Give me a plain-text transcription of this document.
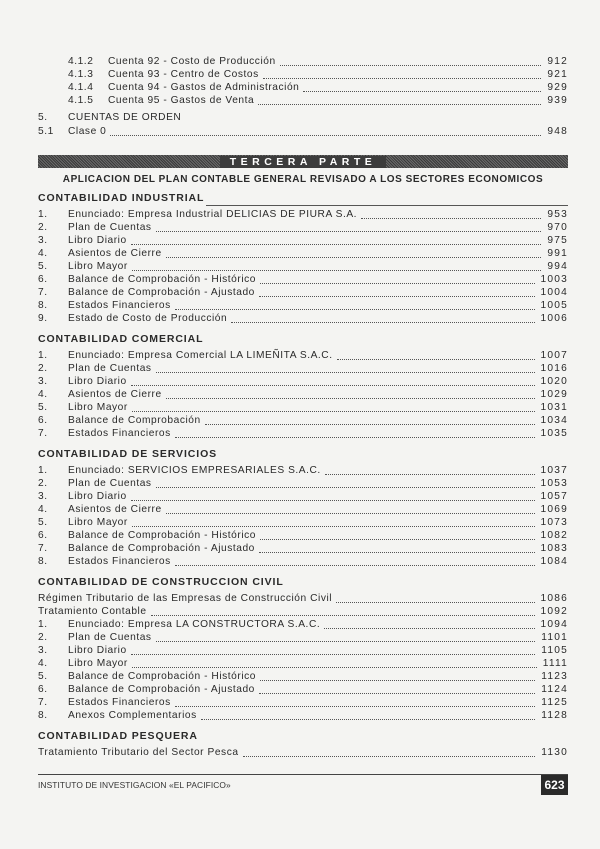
4.1.2	Cuenta 92 - Costo de Producción	912
4.1.3	Cuenta 93 - Centro de Costos	921
4.1.4	Cuenta 94 - Gastos de Administración	929
4.1.5	Cuenta 95 - Gastos de Venta	939
5.	CUENTAS DE ORDEN
5.1	Clase 0	948
TERCERA PARTE
APLICACION DEL PLAN CONTABLE GENERAL REVISADO A LOS SECTORES ECONOMICOS
CONTABILIDAD INDUSTRIAL
1.	Enunciado: Empresa Industrial DELICIAS DE PIURA S.A.	953
2.	Plan de Cuentas	970
3.	Libro Diario	975
4.	Asientos de Cierre	991
5.	Libro Mayor	994
6.	Balance de Comprobación - Histórico	1003
7.	Balance de Comprobación - Ajustado	1004
8.	Estados Financieros	1005
9.	Estado de Costo de Producción	1006
CONTABILIDAD COMERCIAL
1.	Enunciado: Empresa Comercial LA LIMEÑITA S.A.C.	1007
2.	Plan de Cuentas	1016
3.	Libro Diario	1020
4.	Asientos de Cierre	1029
5.	Libro Mayor	1031
6.	Balance de Comprobación	1034
7.	Estados Financieros	1035
CONTABILIDAD DE SERVICIOS
1.	Enunciado: SERVICIOS EMPRESARIALES S.A.C.	1037
2.	Plan de Cuentas	1053
3.	Libro Diario	1057
4.	Asientos de Cierre	1069
5.	Libro Mayor	1073
6.	Balance de Comprobación - Histórico	1082
7.	Balance de Comprobación - Ajustado	1083
8.	Estados Financieros	1084
CONTABILIDAD DE CONSTRUCCION CIVIL
Régimen Tributario de las Empresas de Construcción Civil	1086
Tratamiento Contable	1092
1.	Enunciado: Empresa LA CONSTRUCTORA S.A.C.	1094
2.	Plan de Cuentas	1101
3.	Libro Diario	1105
4.	Libro Mayor	1111
5.	Balance de Comprobación - Histórico	1123
6.	Balance de Comprobación - Ajustado	1124
7.	Estados Financieros	1125
8.	Anexos Complementarios	1128
CONTABILIDAD PESQUERA
Tratamiento Tributario del Sector Pesca	1130
INSTITUTO DE INVESTIGACION «EL PACIFICO»	623
